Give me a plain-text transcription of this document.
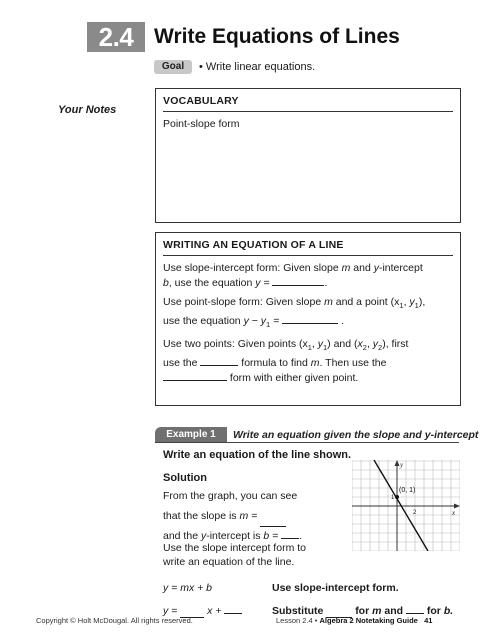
2.4 Write Equations of Lines
Goal	• Write linear equations.
Your Notes
VOCABULARY
Point-slope form
WRITING AN EQUATION OF A LINE
Use slope-intercept form: Given slope m and y-intercept
b, use the equation y =	.
Use point-slope form: Given slope m and a point ($x_1$, $y_1$),
use the equation $y - y_1$ =	.
Use two points: Given points ($x_1$, $y_1$) and ($x_2$, $y_2$), first
use the	formula to find m. Then use the
form with either given point.
Example 1	Write an equation given the slope and y-intercept
Write an equation of the line shown.
Solution
From the graph, you can see
that the slope is m =
and the y-intercept is b = .
Use the slope intercept form to
write an equation of the line.
x
y
2
1
(0, 1)
y = mx + b	Use slope-intercept form.
y =	x +	Substitute	for m and for b.
Copyright © Holt McDougal. All rights reserved.	Lesson 2.4 • Algebra 2 Notetaking Guide 41
